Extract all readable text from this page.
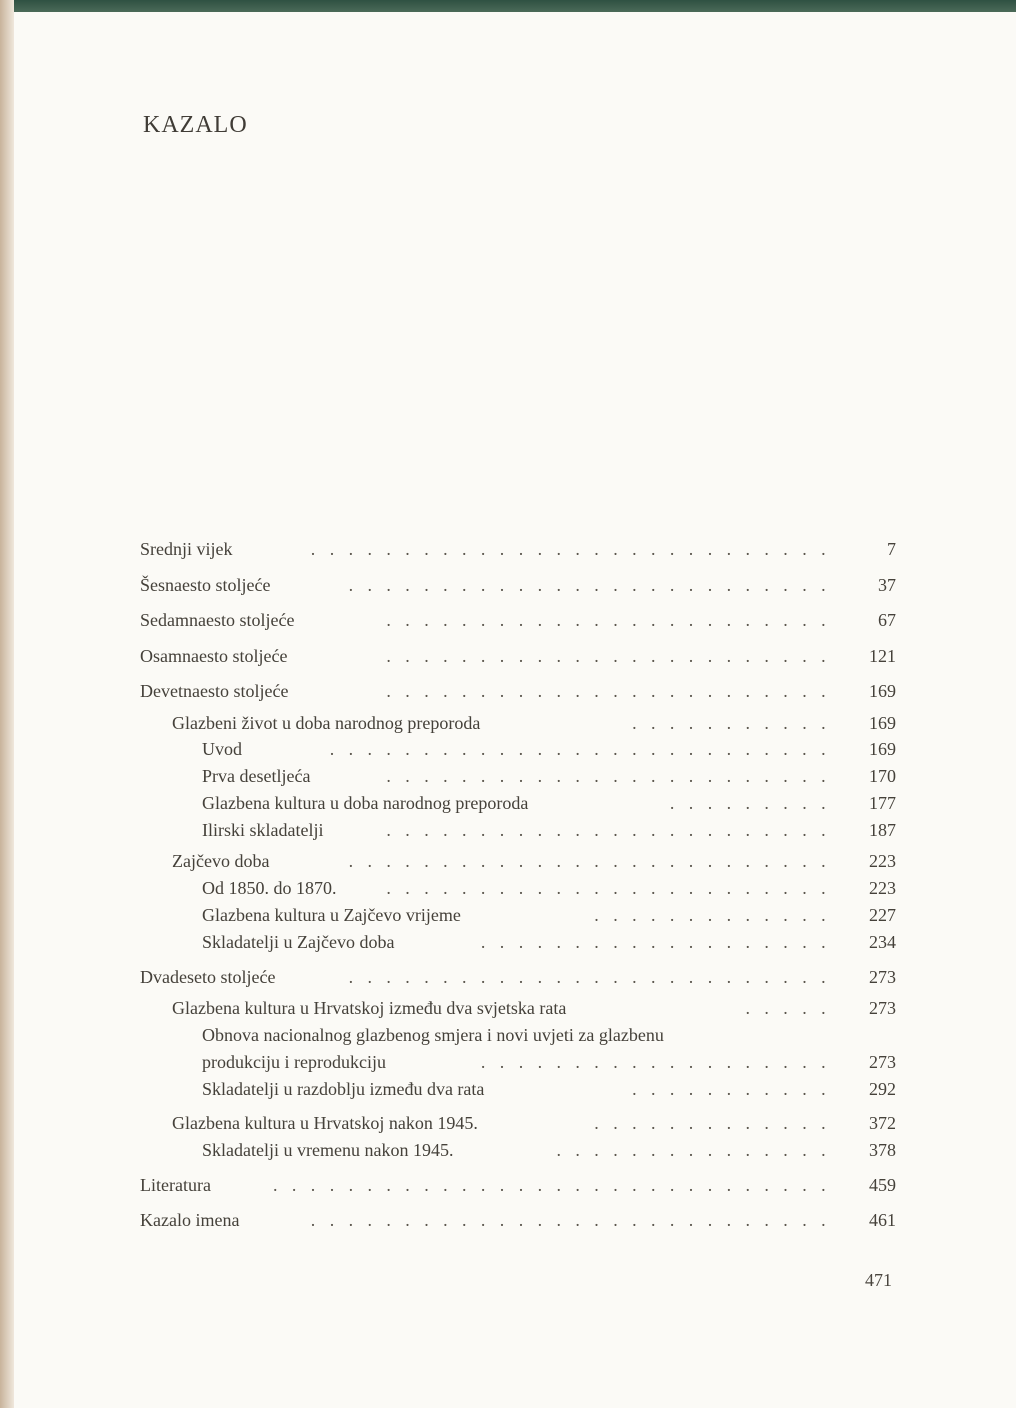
KAZALO
Srednji vijek	............................	7
Šesnaesto stoljeće	.......................... 37
Sedamnaesto stoljeće	........................ 67
Osamnaesto stoljeće	........................ 121
Devetnaesto stoljeće	........................ 169
Glazbeni život u doba narodnog preporoda	........... 169
Uvod	........................... 169
Prva desetljeća	........................ 170
Glazbena kultura u doba narodnog preporoda	......... 177
Ilirski skladatelji	........................ 187
Zajčevo doba	.......................... 223
Od 1850. do 1870.	........................ 223
Glazbena kultura u Zajčevo vrijeme	............. 227
Skladatelji u Zajčevo doba	................... 234
Dvadeseto stoljeće	.......................... 273
Glazbena kultura u Hrvatskoj između dva svjetska rata	..... 273
Obnova nacionalnog glazbenog smjera i novi uvjeti za glazbenu
produkciju i reprodukciju	................... 273
Skladatelji u razdoblju između dva rata	........... 292
Glazbena kultura u Hrvatskoj nakon 1945.	............. 372
Skladatelji u vremenu nakon 1945.	............... 378
Literatura	.............................. 459
Kazalo imena	............................ 461
471
